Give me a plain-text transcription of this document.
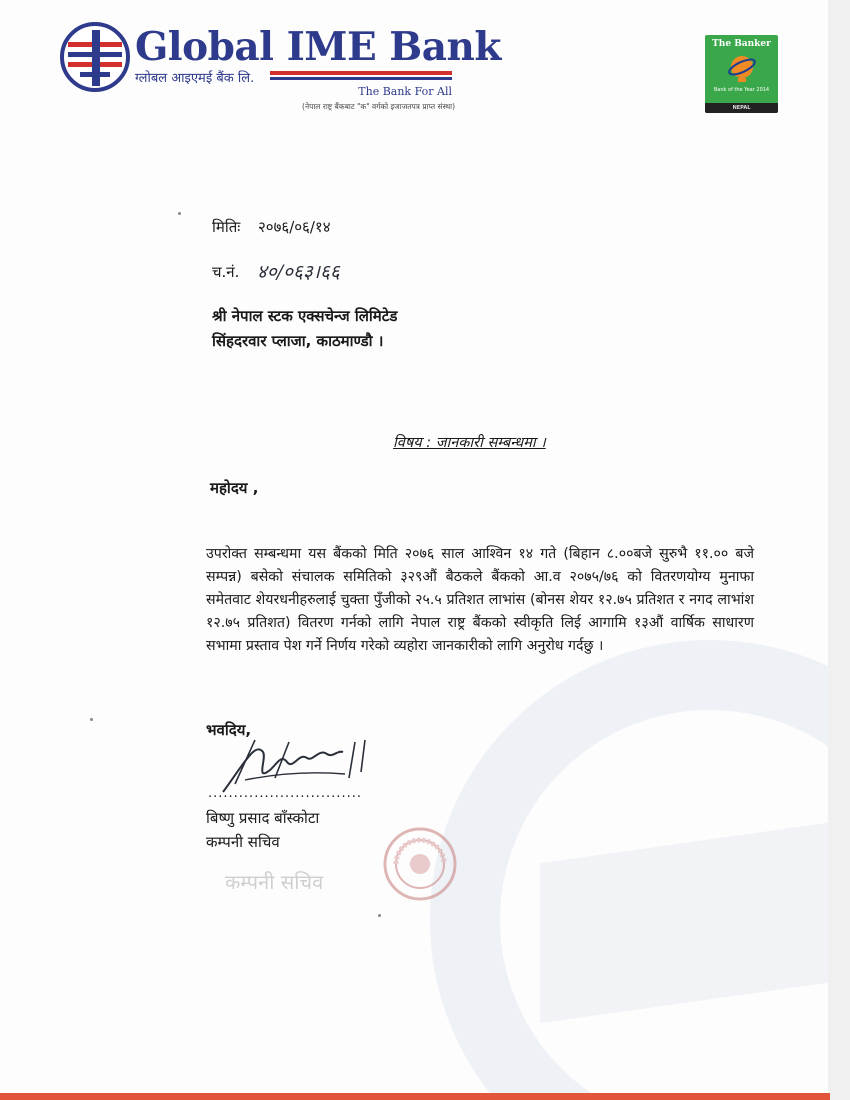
Global IME Bank
ग्लोबल आइएमई बैंक लि.
The Bank For All
(नेपाल राष्ट्र बैंकबाट "क" वर्गको इजाजतपत्र प्राप्त संस्था)
The Banker
Bank of the Year 2014
NEPAL
मितिः २०७६/०६/१४
च.नं. ४०/०६३।६६
श्री नेपाल स्टक एक्सचेन्ज लिमिटेड
सिंहदरवार प्लाजा, काठमाण्डौ ।
विषय : जानकारी सम्बन्धमा ।
महोदय ,
उपरोक्त सम्बन्धमा यस बैंकको मिति २०७६ साल आश्विन १४ गते (बिहान ८.००बजे सुरुभै ११.०० बजे सम्पन्न) बसेको संचालक समितिको ३२९औं बैठकले बैंकको आ.व २०७५/७६ को वितरणयोग्य मुनाफा समेतवाट शेयरधनीहरुलाई चुक्ता पुँजीको २५.५ प्रतिशत लाभांस (बोनस शेयर १२.७५ प्रतिशत र नगद लाभांश १२.७५ प्रतिशत) वितरण गर्नको लागि नेपाल राष्ट्र बैंकको स्वीकृति लिई आगामि १३औं वार्षिक साधारण सभामा प्रस्ताव पेश गर्ने निर्णय गरेको व्यहोरा जानकारीको लागि अनुरोध गर्दछु ।
भवदिय,
..............................
बिष्णु प्रसाद बाँस्कोटा
कम्पनी सचिव
कम्पनी सचिव
